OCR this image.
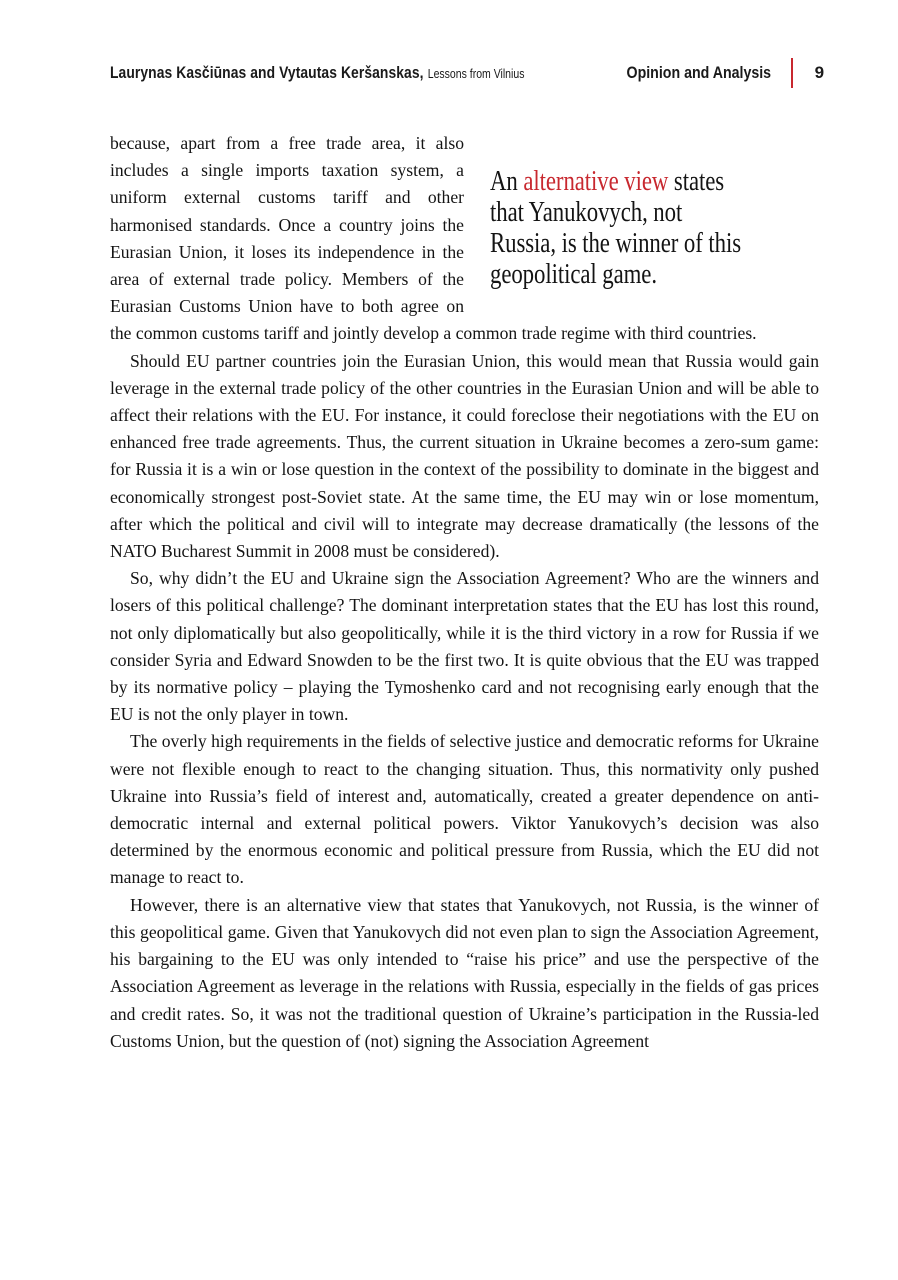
Laurynas Kasčiūnas and Vytautas Keršanskas, Lessons from Vilnius	Opinion and Analysis	9
An alternative view states that Yanukovych, not Russia, is the winner of this geopolitical game.

because, apart from a free trade area, it also includes a single imports taxation system, a uniform external customs tariff and other harmonised standards. Once a country joins the Eurasian Union, it loses its independence in the area of external trade policy. Members of the Eurasian Customs Union have to both agree on the common customs tariff and jointly develop a common trade regime with third countries.

Should EU partner countries join the Eurasian Union, this would mean that Russia would gain leverage in the external trade policy of the other countries in the Eurasian Union and will be able to affect their relations with the EU. For instance, it could foreclose their negotiations with the EU on enhanced free trade agreements. Thus, the current situation in Ukraine becomes a zero-sum game: for Russia it is a win or lose question in the context of the possibility to dominate in the biggest and economically strongest post-Soviet state. At the same time, the EU may win or lose momentum, after which the political and civil will to integrate may decrease dramatically (the lessons of the NATO Bucharest Summit in 2008 must be considered).

So, why didn’t the EU and Ukraine sign the Association Agreement? Who are the winners and losers of this political challenge? The dominant interpretation states that the EU has lost this round, not only diplomatically but also geopolitically, while it is the third victory in a row for Russia if we consider Syria and Edward Snowden to be the first two. It is quite obvious that the EU was trapped by its normative policy – playing the Tymoshenko card and not recognising early enough that the EU is not the only player in town.

The overly high requirements in the fields of selective justice and democratic reforms for Ukraine were not flexible enough to react to the changing situation. Thus, this normativity only pushed Ukraine into Russia’s field of interest and, automatically, created a greater dependence on anti-democratic internal and external political powers. Viktor Yanukovych’s decision was also determined by the enormous economic and political pressure from Russia, which the EU did not manage to react to.

However, there is an alternative view that states that Yanukovych, not Russia, is the winner of this geopolitical game. Given that Yanukovych did not even plan to sign the Association Agreement, his bargaining to the EU was only intended to “raise his price” and use the perspective of the Association Agreement as leverage in the relations with Russia, especially in the fields of gas prices and credit rates. So, it was not the traditional question of Ukraine’s participation in the Russia-led Customs Union, but the question of (not) signing the Association Agreement
